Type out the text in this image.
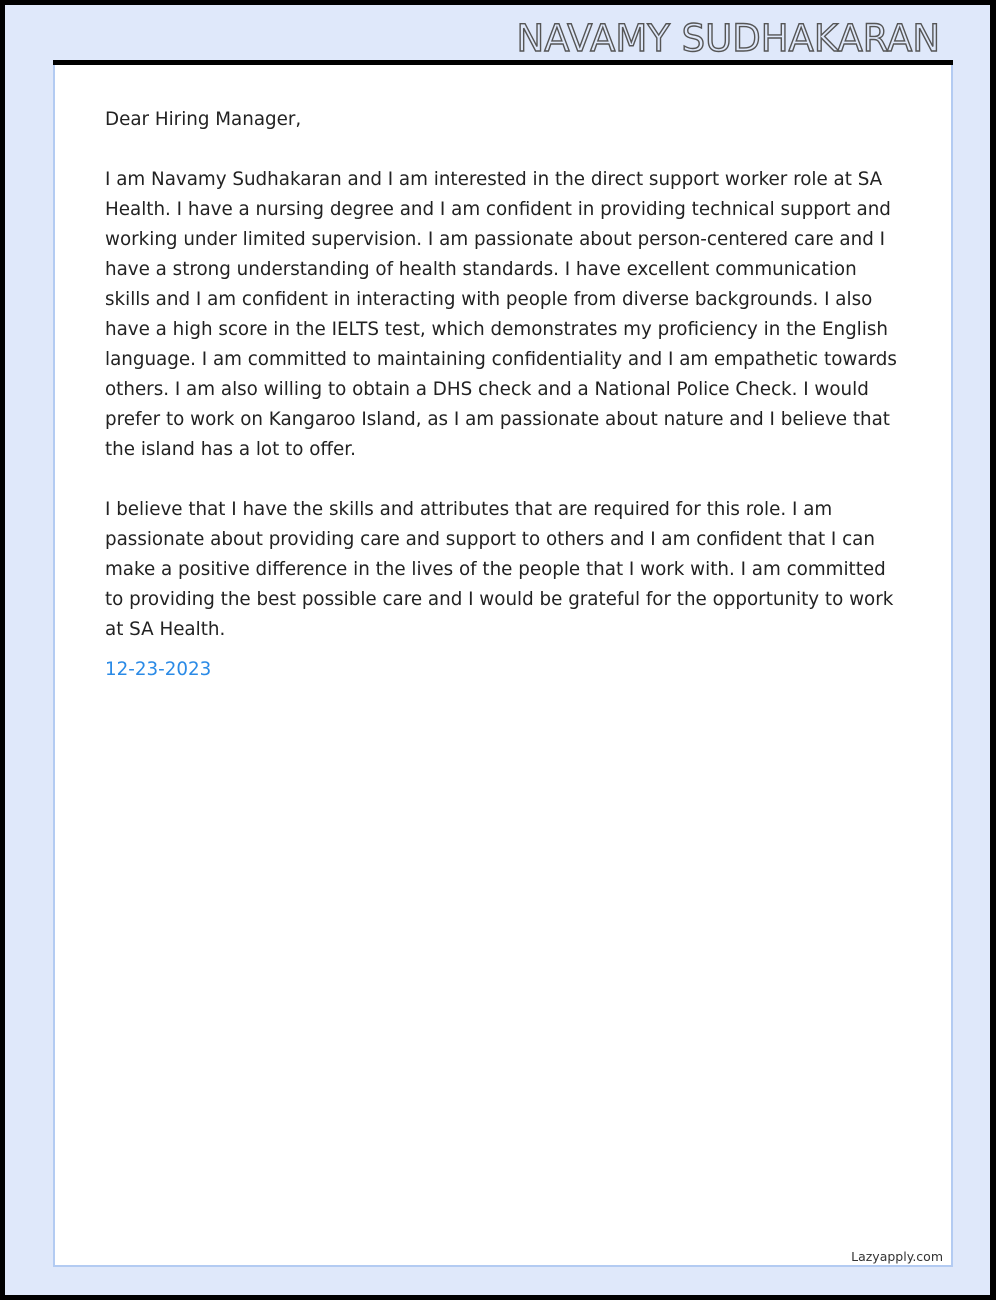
NAVAMY SUDHAKARAN

Dear Hiring Manager,

I am Navamy Sudhakaran and I am interested in the direct support worker role at SA Health. I have a nursing degree and I am confident in providing technical support and working under limited supervision. I am passionate about person-centered care and I have a strong understanding of health standards. I have excellent communication skills and I am confident in interacting with people from diverse backgrounds. I also have a high score in the IELTS test, which demonstrates my proficiency in the English language. I am committed to maintaining confidentiality and I am empathetic towards others. I am also willing to obtain a DHS check and a National Police Check. I would prefer to work on Kangaroo Island, as I am passionate about nature and I believe that the island has a lot to offer.

I believe that I have the skills and attributes that are required for this role. I am passionate about providing care and support to others and I am confident that I can make a positive difference in the lives of the people that I work with. I am committed to providing the best possible care and I would be grateful for the opportunity to work at SA Health.

12-23-2023
Lazyapply.com
